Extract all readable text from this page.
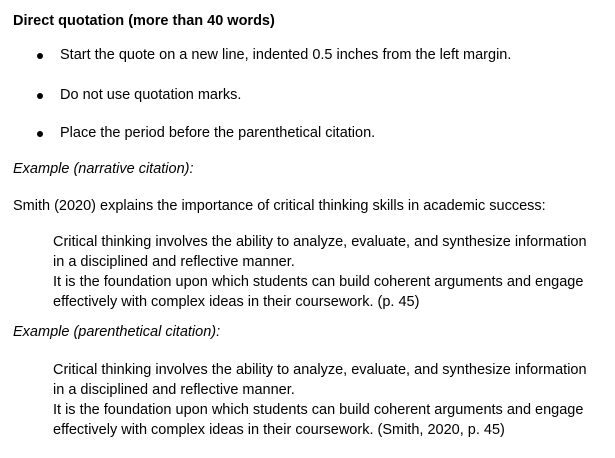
Direct quotation (more than 40 words)
Start the quote on a new line, indented 0.5 inches from the left margin.
Do not use quotation marks.
Place the period before the parenthetical citation.
Example (narrative citation):
Smith (2020) explains the importance of critical thinking skills in academic success:
Critical thinking involves the ability to analyze, evaluate, and synthesize information
in a disciplined and reflective manner.
It is the foundation upon which students can build coherent arguments and engage
effectively with complex ideas in their coursework. (p. 45)
Example (parenthetical citation):
Critical thinking involves the ability to analyze, evaluate, and synthesize information
in a disciplined and reflective manner.
It is the foundation upon which students can build coherent arguments and engage
effectively with complex ideas in their coursework. (Smith, 2020, p. 45)
